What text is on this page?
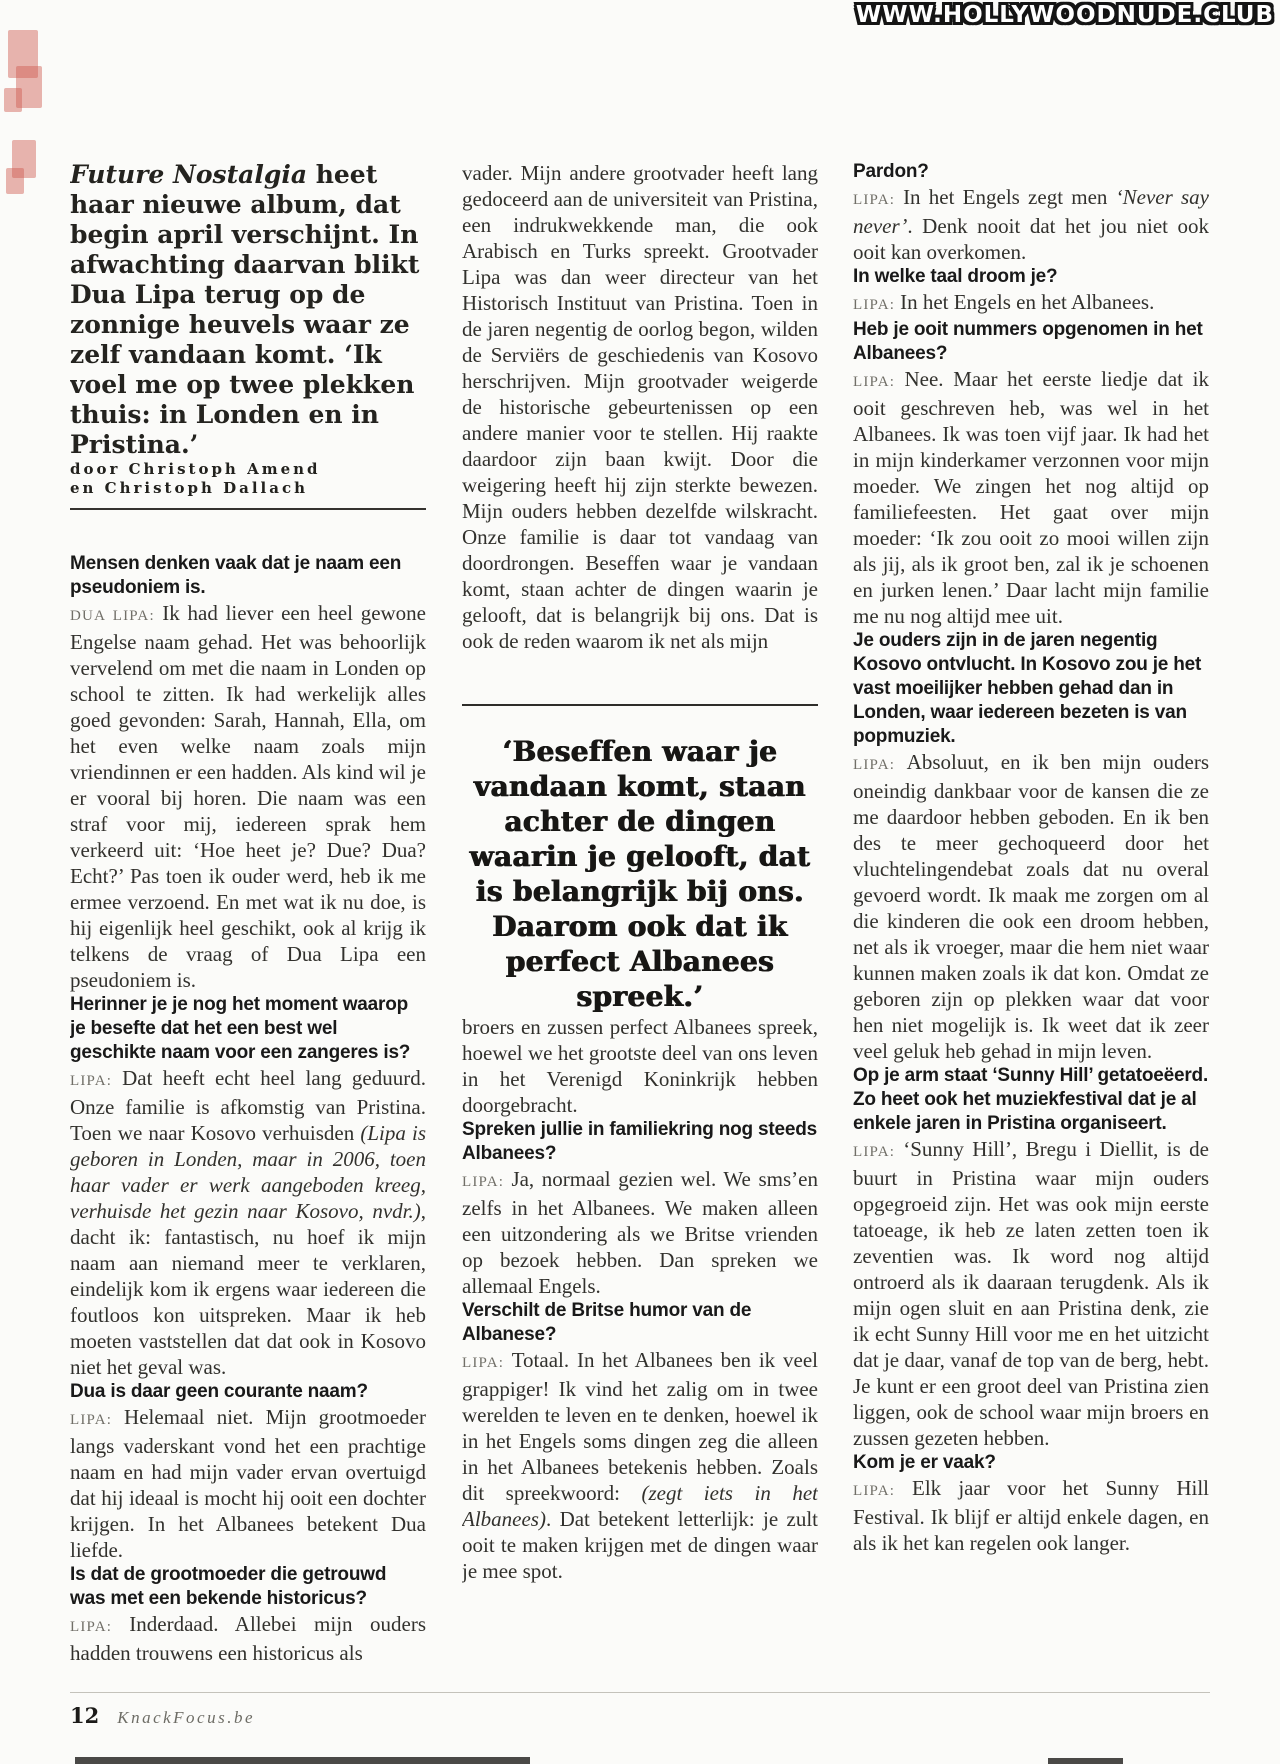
WWW.HOLLYWOODNUDE.CLUB

Future Nostalgia heet haar nieuwe album, dat begin april verschijnt. In afwachting daarvan blikt Dua Lipa terug op de zonnige heuvels waar ze zelf vandaan komt. ‘Ik voel me op twee plekken thuis: in Londen en in Pristina.’

door Christoph Amend
en Christoph Dallach

Mensen denken vaak dat je naam een pseudoniem is.

DUA LIPA: Ik had liever een heel gewone Engelse naam gehad. Het was behoorlijk vervelend om met die naam in Londen op school te zitten. Ik had werkelijk alles goed gevonden: Sarah, Hannah, Ella, om het even welke naam zoals mijn vriendinnen er een hadden. Als kind wil je er vooral bij horen. Die naam was een straf voor mij, iedereen sprak hem verkeerd uit: ‘Hoe heet je? Due? Dua? Echt?’ Pas toen ik ouder werd, heb ik me ermee verzoend. En met wat ik nu doe, is hij eigenlijk heel geschikt, ook al krijg ik telkens de vraag of Dua Lipa een pseudoniem is.

Herinner je je nog het moment waarop je besefte dat het een best wel geschikte naam voor een zangeres is?

LIPA: Dat heeft echt heel lang geduurd. Onze familie is afkomstig van Pristina. Toen we naar Kosovo verhuisden (Lipa is geboren in Londen, maar in 2006, toen haar vader er werk aangeboden kreeg, verhuisde het gezin naar Kosovo, nvdr.), dacht ik: fantastisch, nu hoef ik mijn naam aan niemand meer te verklaren, eindelijk kom ik ergens waar iedereen die foutloos kon uitspreken. Maar ik heb moeten vaststellen dat dat ook in Kosovo niet het geval was.

Dua is daar geen courante naam?

LIPA: Helemaal niet. Mijn grootmoeder langs vaderskant vond het een prachtige naam en had mijn vader ervan overtuigd dat hij ideaal is mocht hij ooit een dochter krijgen. In het Albanees betekent Dua liefde.

Is dat de grootmoeder die getrouwd was met een bekende historicus?

LIPA: Inderdaad. Allebei mijn ouders hadden trouwens een historicus als

vader. Mijn andere grootvader heeft lang gedoceerd aan de universiteit van Pristina, een indrukwekkende man, die ook Arabisch en Turks spreekt. Grootvader Lipa was dan weer directeur van het Historisch Instituut van Pristina. Toen in de jaren negentig de oorlog begon, wilden de Serviërs de geschiedenis van Kosovo herschrijven. Mijn grootvader weigerde de historische gebeurtenissen op een andere manier voor te stellen. Hij raakte daardoor zijn baan kwijt. Door die weigering heeft hij zijn sterkte bewezen. Mijn ouders hebben dezelfde wilskracht. Onze familie is daar tot vandaag van doordrongen. Beseffen waar je vandaan komt, staan achter de dingen waarin je gelooft, dat is belangrijk bij ons. Dat is ook de reden waarom ik net als mijn

‘Beseffen waar je vandaan komt, staan achter de dingen waarin je gelooft, dat is belangrijk bij ons. Daarom ook dat ik perfect Albanees spreek.’

broers en zussen perfect Albanees spreek, hoewel we het grootste deel van ons leven in het Verenigd Koninkrijk hebben doorgebracht.

Spreken jullie in familiekring nog steeds Albanees?

LIPA: Ja, normaal gezien wel. We sms’en zelfs in het Albanees. We maken alleen een uitzondering als we Britse vrienden op bezoek hebben. Dan spreken we allemaal Engels.

Verschilt de Britse humor van de Albanese?

LIPA: Totaal. In het Albanees ben ik veel grappiger! Ik vind het zalig om in twee werelden te leven en te denken, hoewel ik in het Engels soms dingen zeg die alleen in het Albanees betekenis hebben. Zoals dit spreekwoord: (zegt iets in het Albanees). Dat betekent letterlijk: je zult ooit te maken krijgen met de dingen waar je mee spot.

Pardon?

LIPA: In het Engels zegt men ‘Never say never’. Denk nooit dat het jou niet ook ooit kan overkomen.

In welke taal droom je?

LIPA: In het Engels en het Albanees.

Heb je ooit nummers opgenomen in het Albanees?

LIPA: Nee. Maar het eerste liedje dat ik ooit geschreven heb, was wel in het Albanees. Ik was toen vijf jaar. Ik had het in mijn kinderkamer verzonnen voor mijn moeder. We zingen het nog altijd op familiefeesten. Het gaat over mijn moeder: ‘Ik zou ooit zo mooi willen zijn als jij, als ik groot ben, zal ik je schoenen en jurken lenen.’ Daar lacht mijn familie me nu nog altijd mee uit.

Je ouders zijn in de jaren negentig Kosovo ontvlucht. In Kosovo zou je het vast moeilijker hebben gehad dan in Londen, waar iedereen bezeten is van popmuziek.

LIPA: Absoluut, en ik ben mijn ouders oneindig dankbaar voor de kansen die ze me daardoor hebben geboden. En ik ben des te meer gechoqueerd door het vluchtelingendebat zoals dat nu overal gevoerd wordt. Ik maak me zorgen om al die kinderen die ook een droom hebben, net als ik vroeger, maar die hem niet waar kunnen maken zoals ik dat kon. Omdat ze geboren zijn op plekken waar dat voor hen niet mogelijk is. Ik weet dat ik zeer veel geluk heb gehad in mijn leven.

Op je arm staat ‘Sunny Hill’ getatoeëerd. Zo heet ook het muziekfestival dat je al enkele jaren in Pristina organiseert.

LIPA: ‘Sunny Hill’, Bregu i Diellit, is de buurt in Pristina waar mijn ouders opgegroeid zijn. Het was ook mijn eerste tatoeage, ik heb ze laten zetten toen ik zeventien was. Ik word nog altijd ontroerd als ik daaraan terugdenk. Als ik mijn ogen sluit en aan Pristina denk, zie ik echt Sunny Hill voor me en het uitzicht dat je daar, vanaf de top van de berg, hebt. Je kunt er een groot deel van Pristina zien liggen, ook de school waar mijn broers en zussen gezeten hebben.

Kom je er vaak?

LIPA: Elk jaar voor het Sunny Hill Festival. Ik blijf er altijd enkele dagen, en als ik het kan regelen ook langer.

12 KnackFocus.be
